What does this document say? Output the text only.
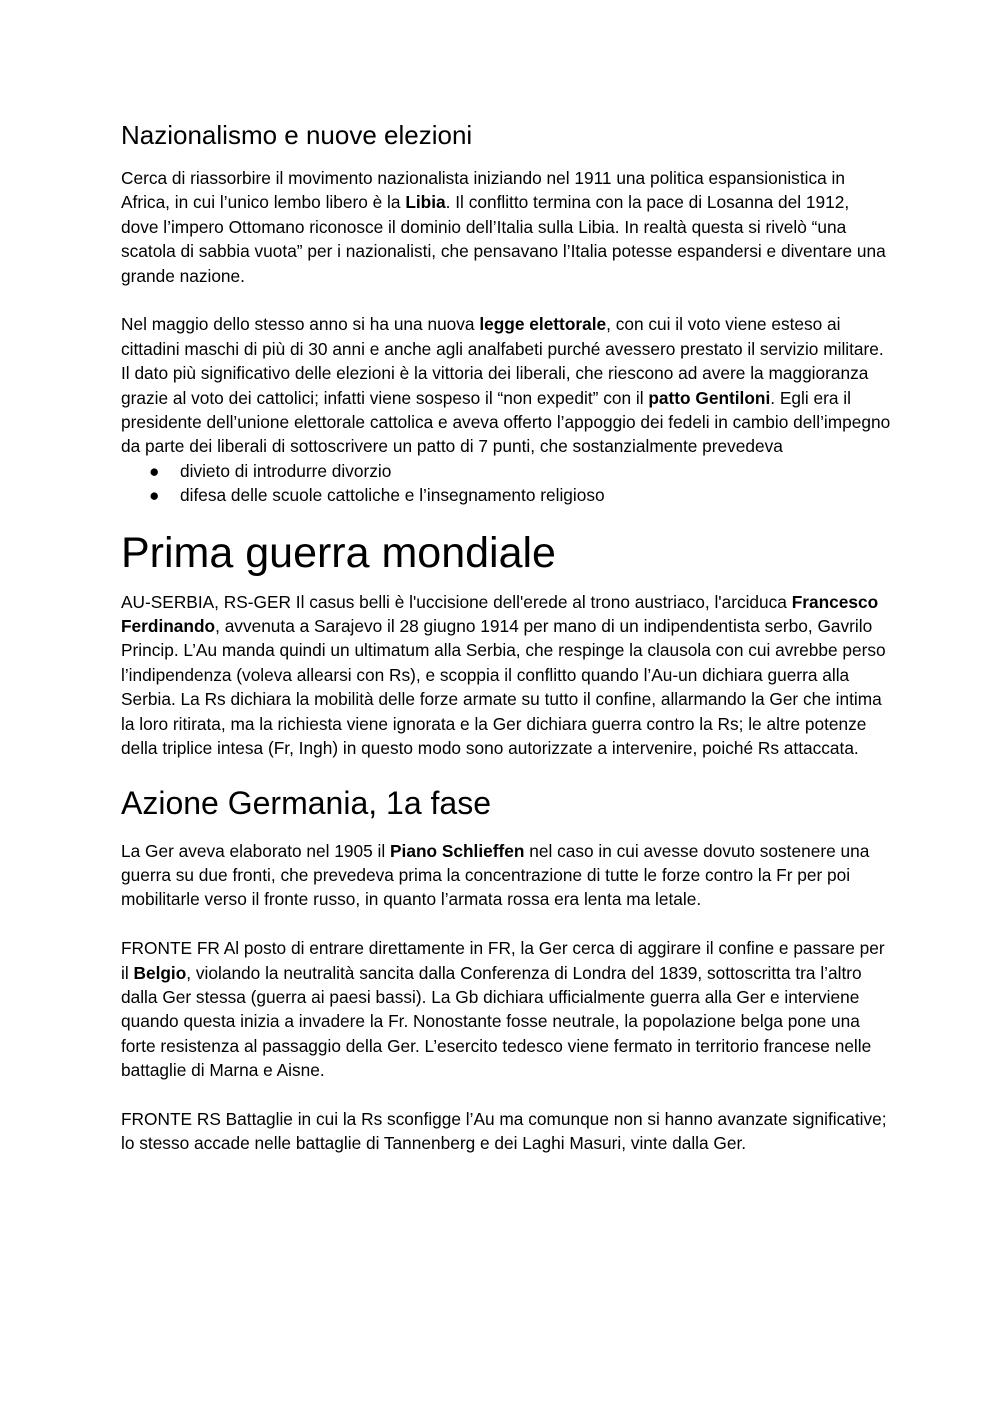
Nazionalismo e nuove elezioni

Cerca di riassorbire il movimento nazionalista iniziando nel 1911 una politica espansionistica in Africa, in cui l’unico lembo libero è la Libia. Il conflitto termina con la pace di Losanna del 1912, dove l’impero Ottomano riconosce il dominio dell’Italia sulla Libia. In realtà questa si rivelò “una scatola di sabbia vuota” per i nazionalisti, che pensavano l’Italia potesse espandersi e diventare una grande nazione.

Nel maggio dello stesso anno si ha una nuova legge elettorale, con cui il voto viene esteso ai cittadini maschi di più di 30 anni e anche agli analfabeti purché avessero prestato il servizio militare. Il dato più significativo delle elezioni è la vittoria dei liberali, che riescono ad avere la maggioranza grazie al voto dei cattolici; infatti viene sospeso il “non expedit” con il patto Gentiloni. Egli era il presidente dell’unione elettorale cattolica e aveva offerto l’appoggio dei fedeli in cambio dell’impegno da parte dei liberali di sottoscrivere un patto di 7 punti, che sostanzialmente prevedeva

● divieto di introdurre divorzio
● difesa delle scuole cattoliche e l’insegnamento religioso
Prima guerra mondiale

AU-SERBIA, RS-GER Il casus belli è l'uccisione dell'erede al trono austriaco, l'arciduca Francesco Ferdinando, avvenuta a Sarajevo il 28 giugno 1914 per mano di un indipendentista serbo, Gavrilo Princip. L’Au manda quindi un ultimatum alla Serbia, che respinge la clausola con cui avrebbe perso l’indipendenza (voleva allearsi con Rs), e scoppia il conflitto quando l’Au-un dichiara guerra alla Serbia. La Rs dichiara la mobilità delle forze armate su tutto il confine, allarmando la Ger che intima la loro ritirata, ma la richiesta viene ignorata e la Ger dichiara guerra contro la Rs; le altre potenze della triplice intesa (Fr, Ingh) in questo modo sono autorizzate a intervenire, poiché Rs attaccata.

Azione Germania, 1a fase

La Ger aveva elaborato nel 1905 il Piano Schlieffen nel caso in cui avesse dovuto sostenere una guerra su due fronti, che prevedeva prima la concentrazione di tutte le forze contro la Fr per poi mobilitarle verso il fronte russo, in quanto l’armata rossa era lenta ma letale.

FRONTE FR Al posto di entrare direttamente in FR, la Ger cerca di aggirare il confine e passare per il Belgio, violando la neutralità sancita dalla Conferenza di Londra del 1839, sottoscritta tra l’altro dalla Ger stessa (guerra ai paesi bassi). La Gb dichiara ufficialmente guerra alla Ger e interviene quando questa inizia a invadere la Fr. Nonostante fosse neutrale, la popolazione belga pone una forte resistenza al passaggio della Ger. L’esercito tedesco viene fermato in territorio francese nelle battaglie di Marna e Aisne.

FRONTE RS Battaglie in cui la Rs sconfigge l’Au ma comunque non si hanno avanzate significative; lo stesso accade nelle battaglie di Tannenberg e dei Laghi Masuri, vinte dalla Ger.
